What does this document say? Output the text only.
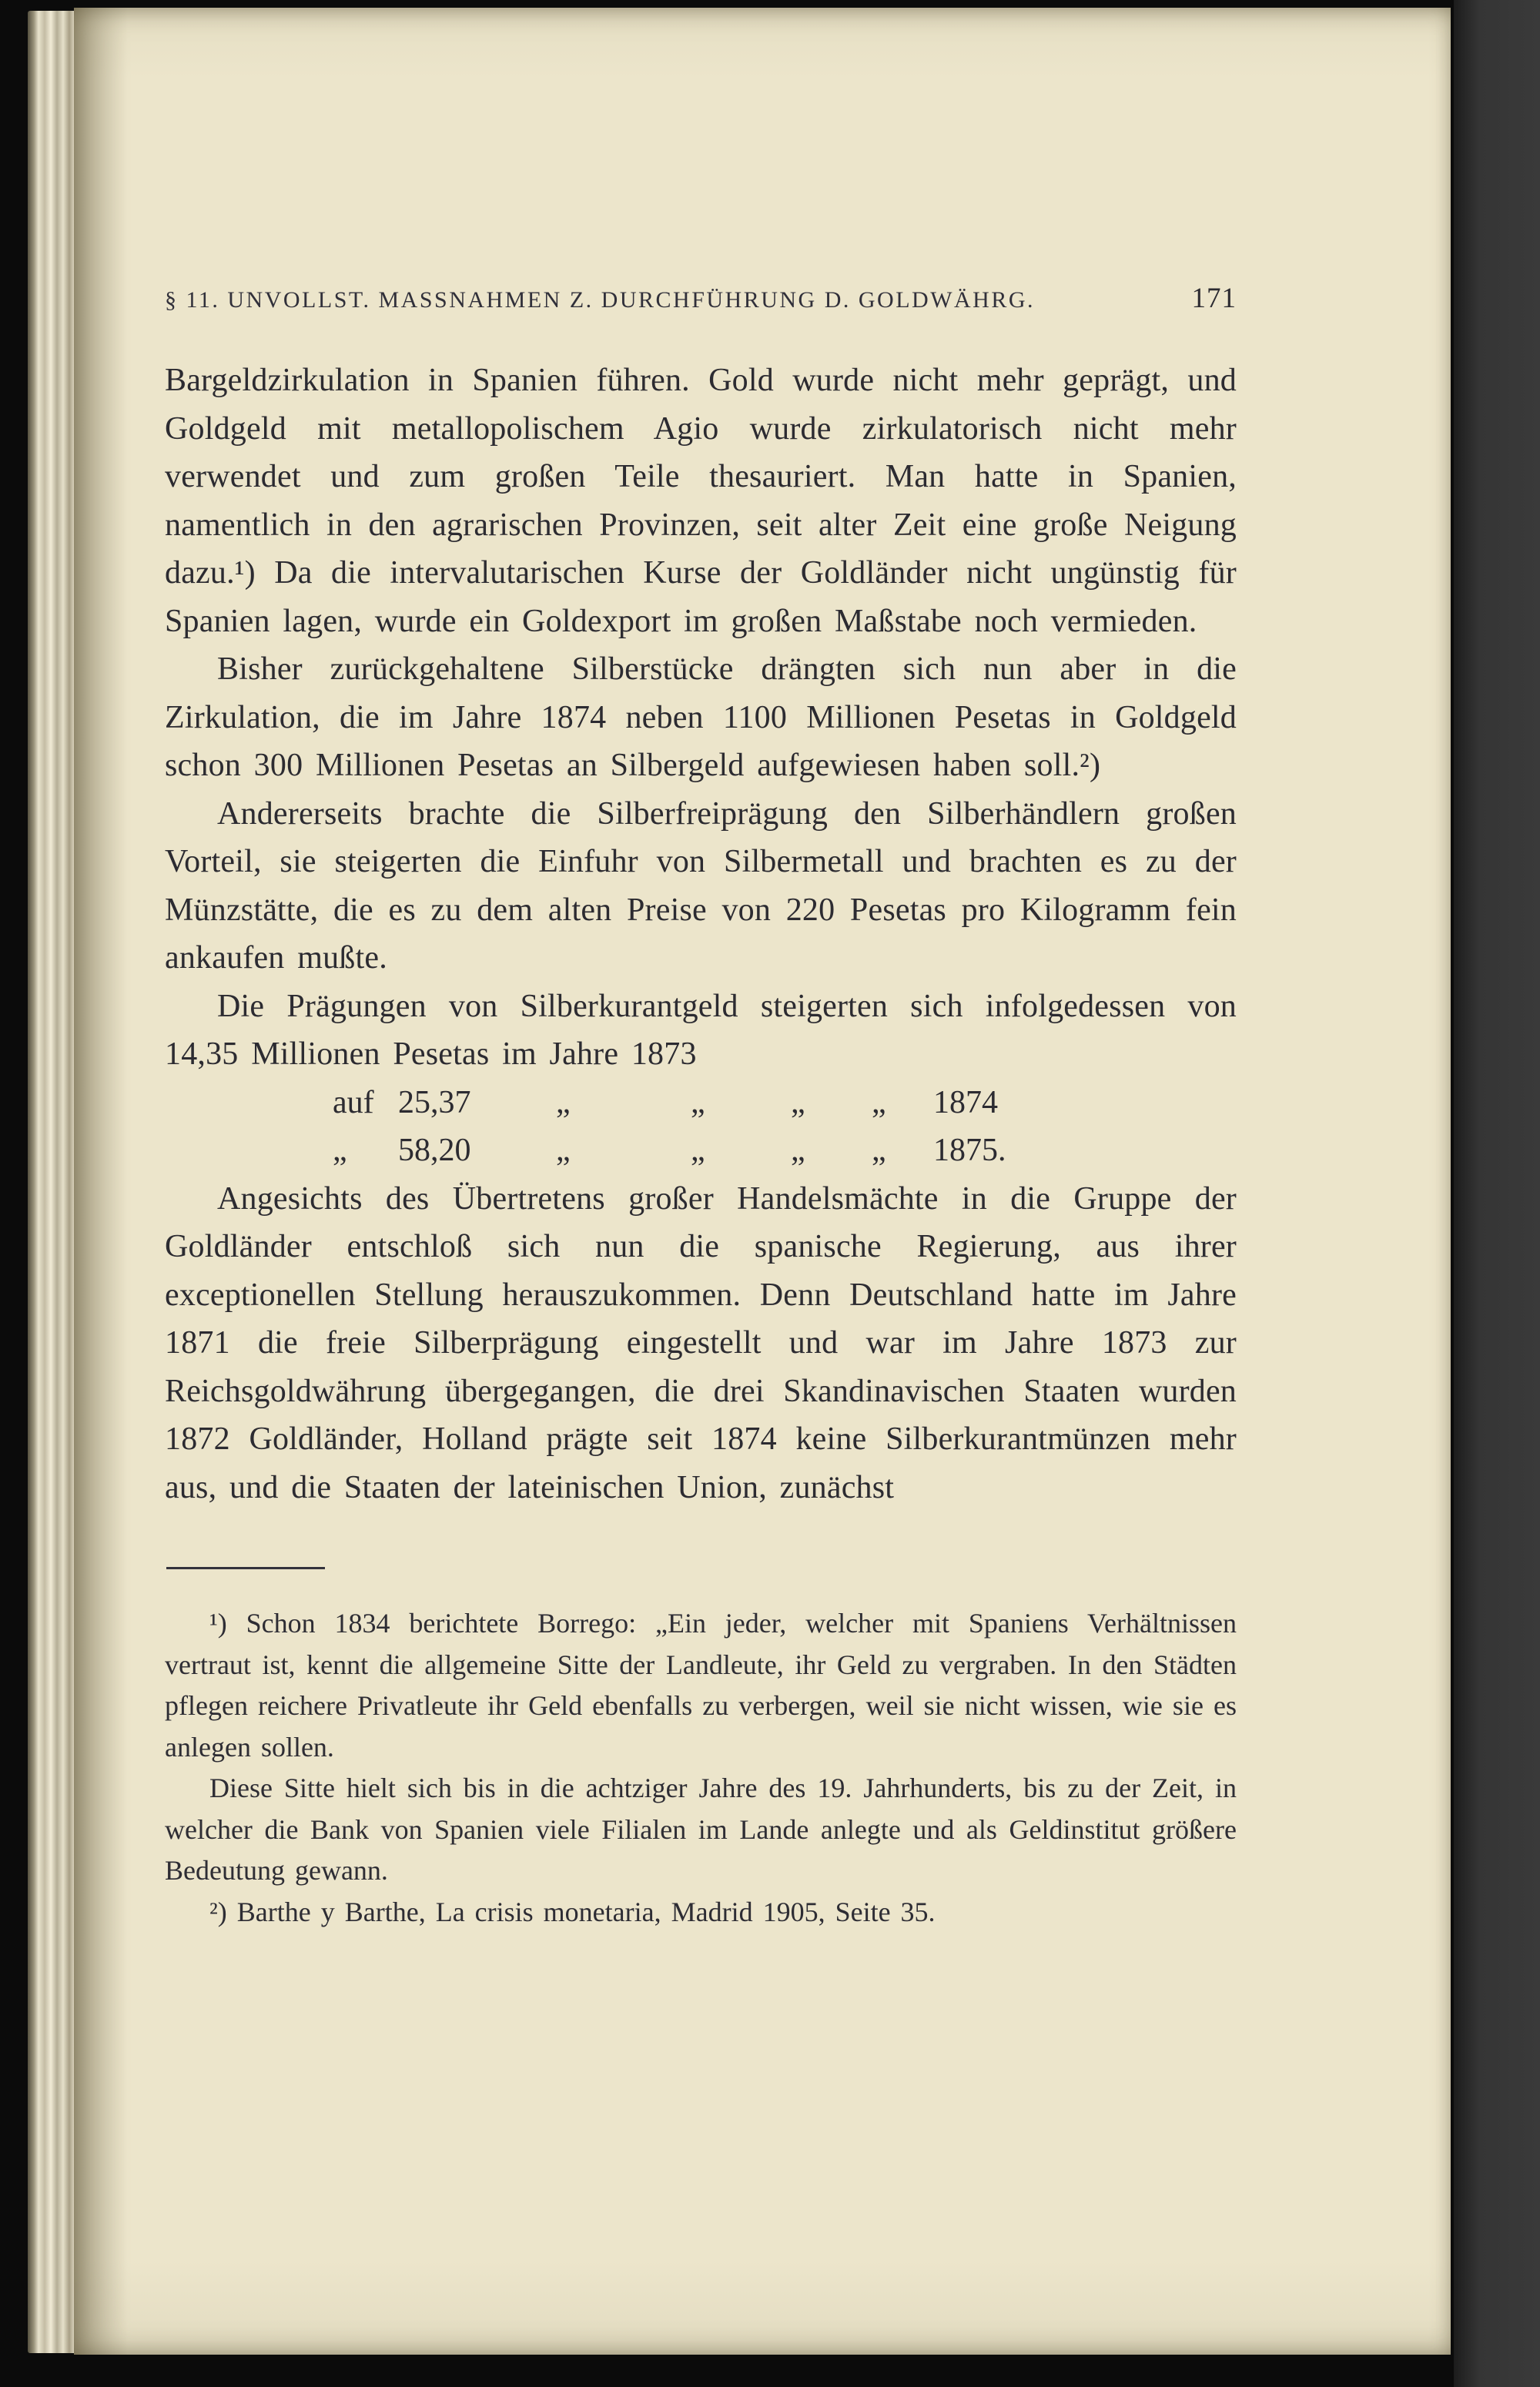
§ 11. UNVOLLST. MASSNAHMEN Z. DURCHFÜHRUNG D. GOLDWÄHRG.	171

Bargeldzirkulation in Spanien führen. Gold wurde nicht mehr geprägt, und Goldgeld mit metallopolischem Agio wurde zirkulatorisch nicht mehr verwendet und zum großen Teile thesauriert. Man hatte in Spanien, namentlich in den agrarischen Provinzen, seit alter Zeit eine große Neigung dazu.¹) Da die intervalutarischen Kurse der Goldländer nicht ungünstig für Spanien lagen, wurde ein Goldexport im großen Maßstabe noch vermieden.

Bisher zurückgehaltene Silberstücke drängten sich nun aber in die Zirkulation, die im Jahre 1874 neben 1100 Millionen Pesetas in Goldgeld schon 300 Millionen Pesetas an Silbergeld aufgewiesen haben soll.²)

Andererseits brachte die Silberfreiprägung den Silberhändlern großen Vorteil, sie steigerten die Einfuhr von Silbermetall und brachten es zu der Münzstätte, die es zu dem alten Preise von 220 Pesetas pro Kilogramm fein ankaufen mußte.

Die Prägungen von Silberkurantgeld steigerten sich infolgedessen von 14,35 Millionen Pesetas im Jahre 1873

auf 25,37	„	„	„	„	1874
„	58,20	„	„	„	„	1875.

Angesichts des Übertretens großer Handelsmächte in die Gruppe der Goldländer entschloß sich nun die spanische Regierung, aus ihrer exceptionellen Stellung herauszukommen. Denn Deutschland hatte im Jahre 1871 die freie Silberprägung eingestellt und war im Jahre 1873 zur Reichsgoldwährung übergegangen, die drei Skandinavischen Staaten wurden 1872 Goldländer, Holland prägte seit 1874 keine Silberkurantmünzen mehr aus, und die Staaten der lateinischen Union, zunächst

¹) Schon 1834 berichtete Borrego: „Ein jeder, welcher mit Spaniens Verhältnissen vertraut ist, kennt die allgemeine Sitte der Landleute, ihr Geld zu vergraben. In den Städten pflegen reichere Privatleute ihr Geld ebenfalls zu verbergen, weil sie nicht wissen, wie sie es anlegen sollen.

Diese Sitte hielt sich bis in die achtziger Jahre des 19. Jahrhunderts, bis zu der Zeit, in welcher die Bank von Spanien viele Filialen im Lande anlegte und als Geldinstitut größere Bedeutung gewann.

²) Barthe y Barthe, La crisis monetaria, Madrid 1905, Seite 35.
